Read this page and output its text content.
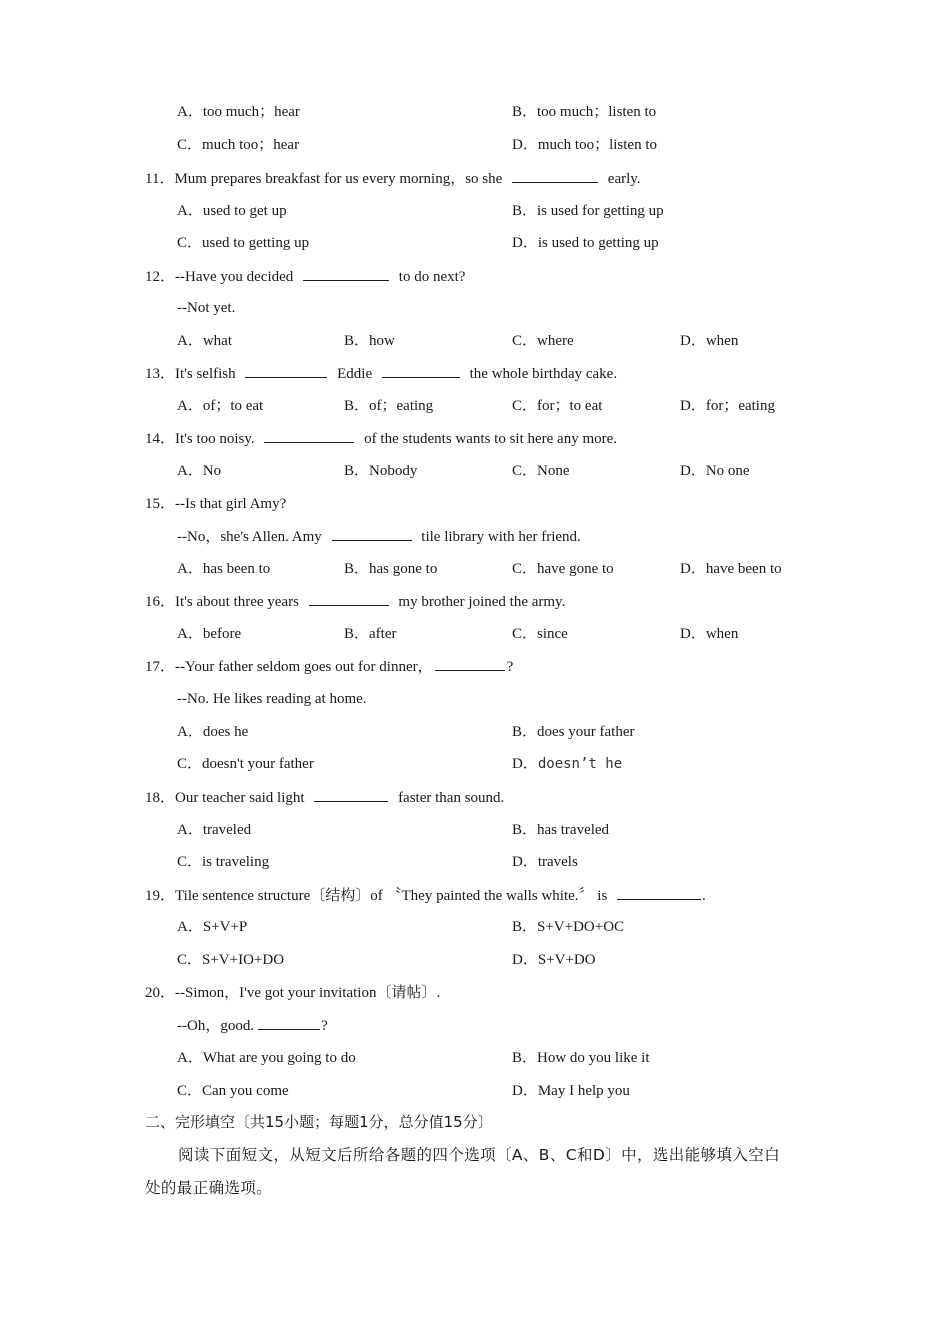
A．too much；hear	B．too much；listen to
C．much too；hear	D．much too；listen to
11．Mum prepares breakfast for us every morning，so she	early.
A．used to get up	B．is used for getting up
C．used to getting up	D．is used to getting up
12．--Have you decided	to do next?
--Not yet.
A．what	B．how	C．where	D．when
13．It's selfish	Eddie	the whole birthday cake.
A．of；to eat	B．of；eating	C．for；to eat	D．for；eating
14．It's too noisy.	of the students wants to sit here any more.
A．No	B．Nobody	C．None	D．No one
15．--Is that girl Amy?
--No，she's Allen. Amy	tile library with her friend.
A．has been to	B．has gone to	C．have gone to	D．have been to
16．It's about three years	my brother joined the army.
A．before	B．after	C．since	D．when
17．--Your father seldom goes out for dinner，	?
--No. He likes reading at home.
A．does he	B．does your father
C．doesn't your father	D．doesn’t he
18．Our teacher said light	faster than sound.
A．traveled	B．has traveled
C．is traveling	D．travels
19．Tile sentence structure〔结构〕of 〝They painted the walls white.〞 is	.
A．S+V+P	B．S+V+DO+OC
C．S+V+IO+DO	D．S+V+DO
20．--Simon，I've got your invitation〔请帖〕.
--Oh，good.	?
A．What are you going to do	B．How do you like it
C．Can you come	D．May I help you
二、完形填空〔共15小题；每题1分，总分值15分〕
阅读下面短文，从短文后所给各题的四个选项〔A、B、C和D〕中，选出能够填入空白
处的最正确选项。
